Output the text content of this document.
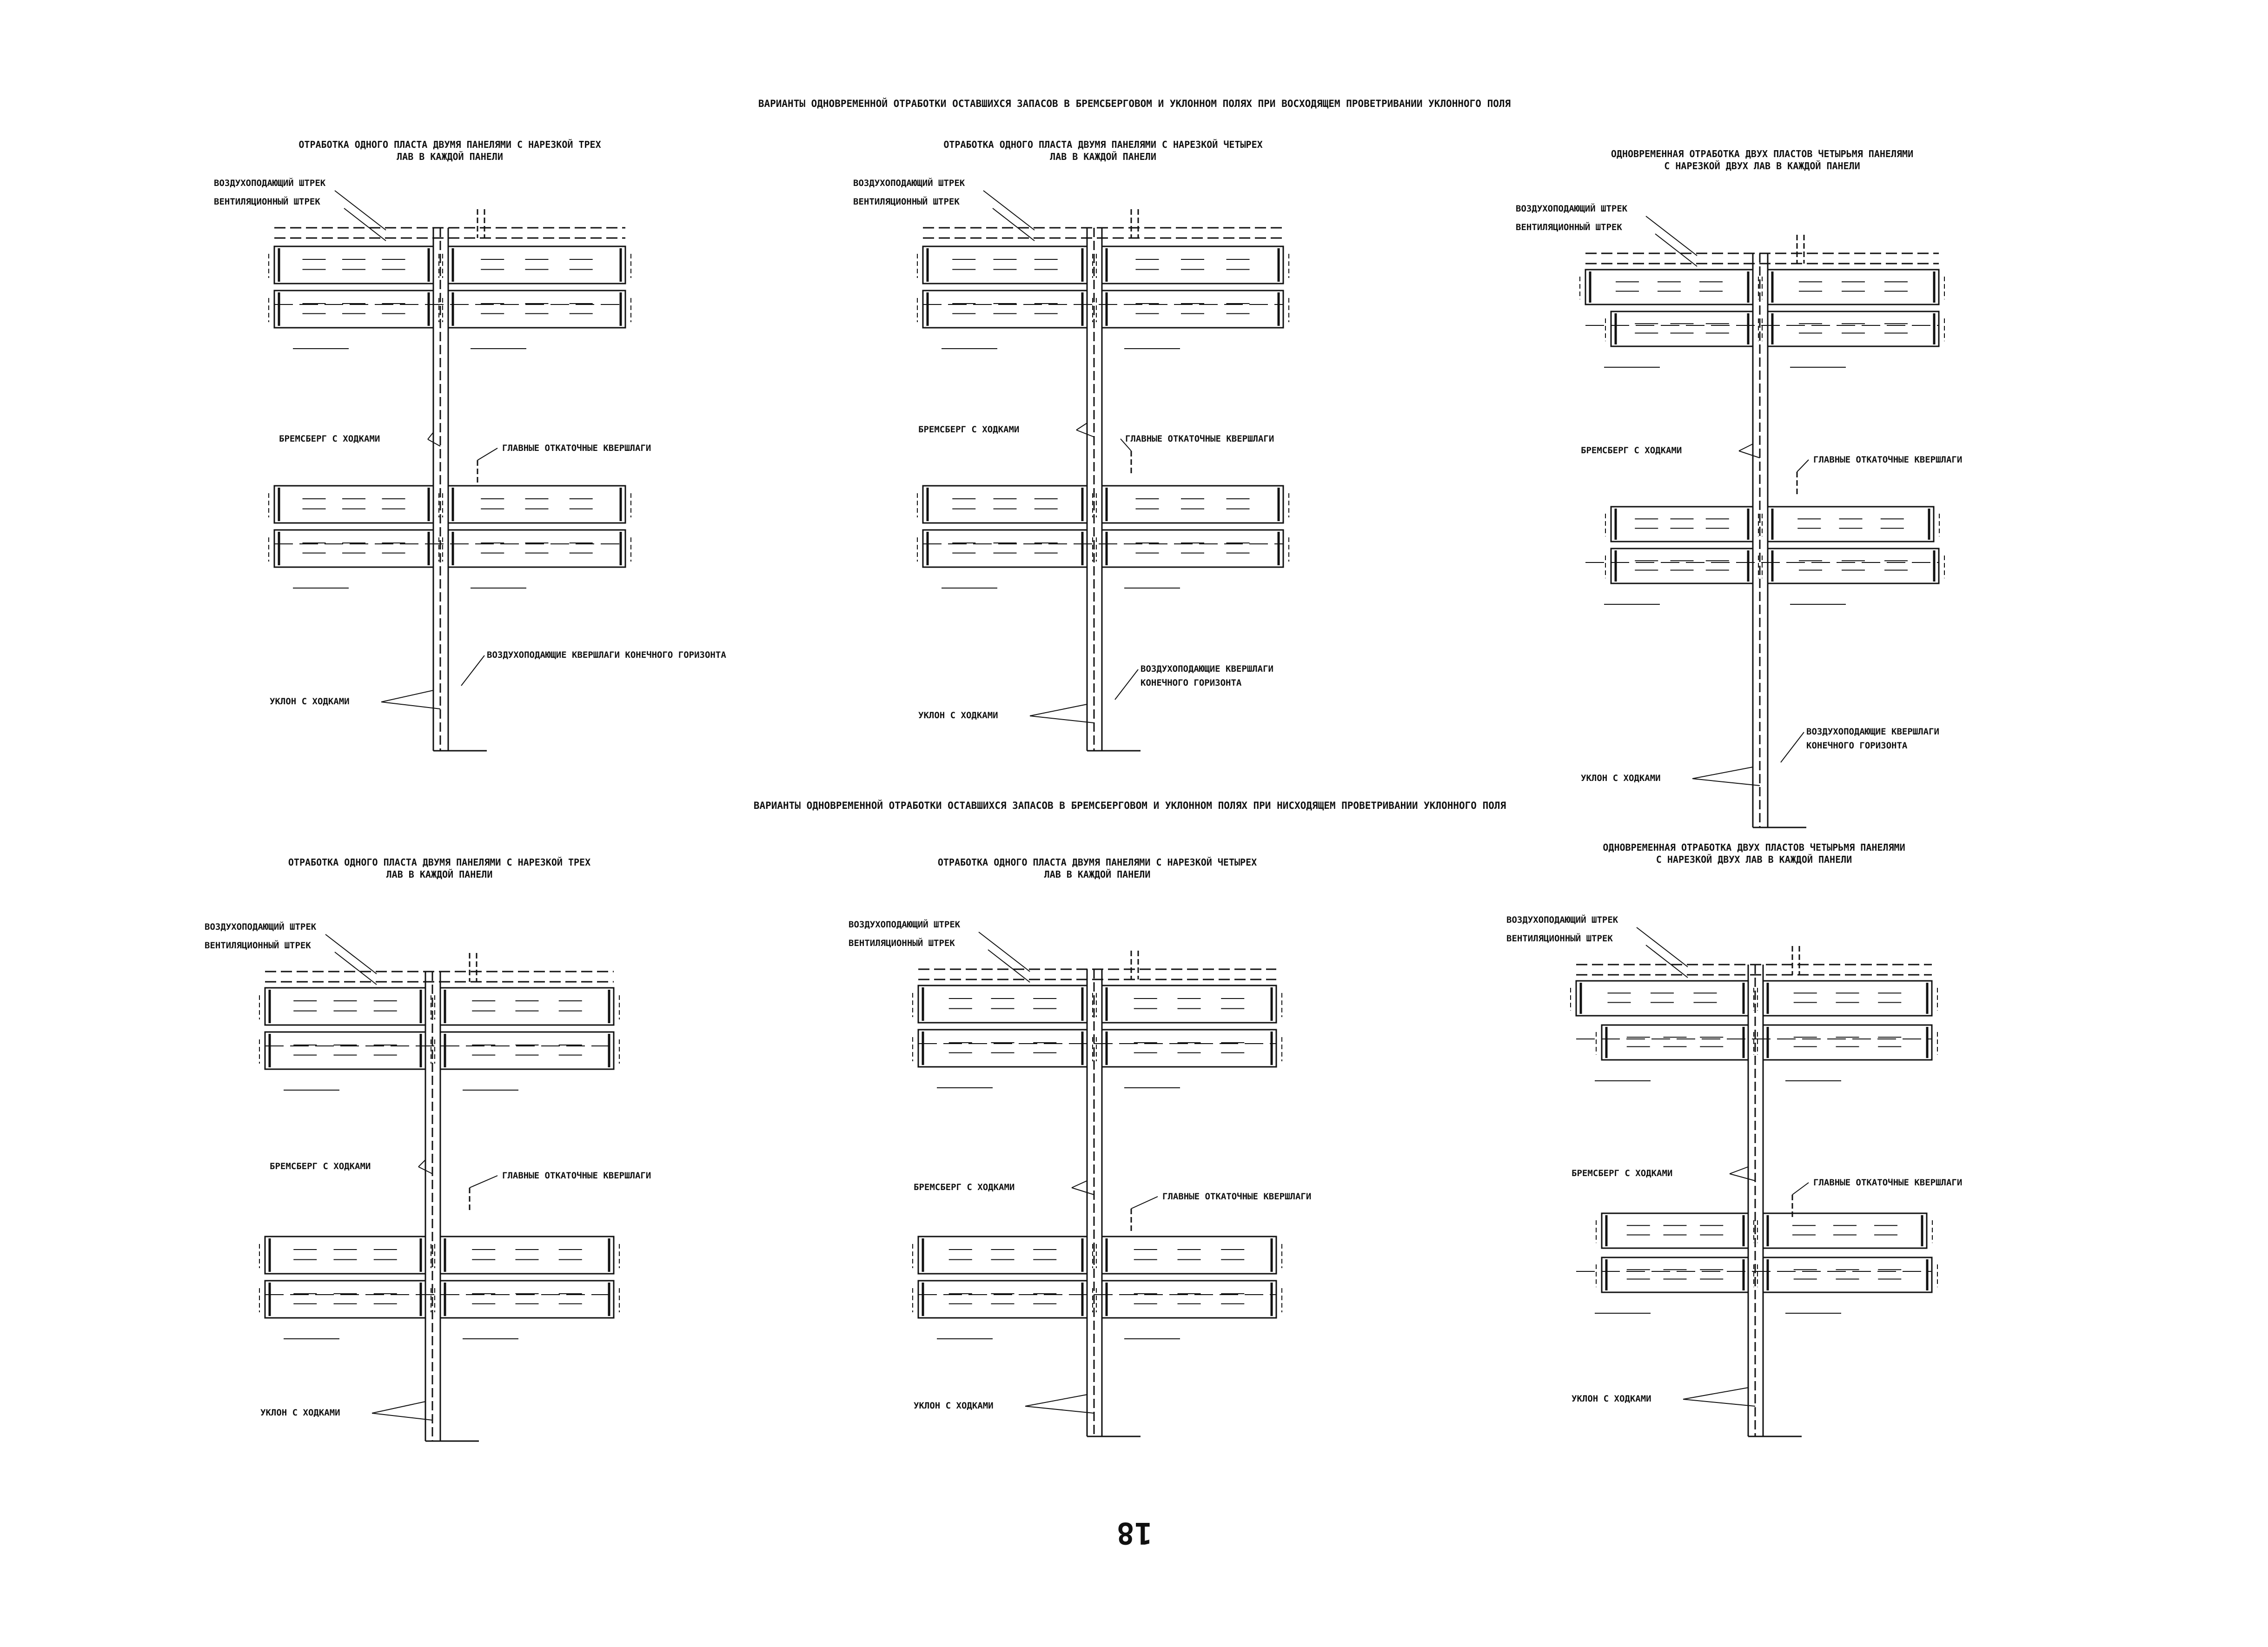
ВАРИАНТЫ ОДНОВРЕМЕННОЙ ОТРАБОТКИ ОСТАВШИХСЯ ЗАПАСОВ В БРЕМСБЕРГОВОМ И УКЛОННОМ ПОЛЯХ ПРИ ВОСХОДЯЩЕМ ПРОВЕТРИВАНИИ УКЛОННОГО ПОЛЯ
ВАРИАНТЫ ОДНОВРЕМЕННОЙ ОТРАБОТКИ ОСТАВШИХСЯ ЗАПАСОВ В БРЕМСБЕРГОВОМ И УКЛОННОМ ПОЛЯХ ПРИ НИСХОДЯЩЕМ ПРОВЕТРИВАНИИ УКЛОННОГО ПОЛЯ
18
ОТРАБОТКА ОДНОГО ПЛАСТА ДВУМЯ ПАНЕЛЯМИ С НАРЕЗКОЙ ТРЕХ
ЛАВ В КАЖДОЙ ПАНЕЛИ
ВОЗДУХОПОДАЮЩИЙ ШТРЕК
ВЕНТИЛЯЦИОННЫЙ ШТРЕК
БРЕМСБЕРГ С ХОДКАМИ
ГЛАВНЫЕ ОТКАТОЧНЫЕ КВЕРШЛАГИ
УКЛОН С ХОДКАМИ
ВОЗДУХОПОДАЮЩИЕ КВЕРШЛАГИ КОНЕЧНОГО ГОРИЗОНТА
ОТРАБОТКА ОДНОГО ПЛАСТА ДВУМЯ ПАНЕЛЯМИ С НАРЕЗКОЙ ЧЕТЫРЕХ
ЛАВ В КАЖДОЙ ПАНЕЛИ
ВОЗДУХОПОДАЮЩИЙ ШТРЕК
ВЕНТИЛЯЦИОННЫЙ ШТРЕК
БРЕМСБЕРГ С ХОДКАМИ
ГЛАВНЫЕ ОТКАТОЧНЫЕ КВЕРШЛАГИ
УКЛОН С ХОДКАМИ
ВОЗДУХОПОДАЮЩИЕ КВЕРШЛАГИ
КОНЕЧНОГО ГОРИЗОНТА
ОДНОВРЕМЕННАЯ ОТРАБОТКА ДВУХ ПЛАСТОВ ЧЕТЫРЬМЯ ПАНЕЛЯМИ
С НАРЕЗКОЙ ДВУХ ЛАВ В КАЖДОЙ ПАНЕЛИ
ВОЗДУХОПОДАЮЩИЙ ШТРЕК
ВЕНТИЛЯЦИОННЫЙ ШТРЕК
БРЕМСБЕРГ С ХОДКАМИ
ГЛАВНЫЕ ОТКАТОЧНЫЕ КВЕРШЛАГИ
УКЛОН С ХОДКАМИ
ВОЗДУХОПОДАЮЩИЕ КВЕРШЛАГИ
КОНЕЧНОГО ГОРИЗОНТА
ОТРАБОТКА ОДНОГО ПЛАСТА ДВУМЯ ПАНЕЛЯМИ С НАРЕЗКОЙ ТРЕХ
ЛАВ В КАЖДОЙ ПАНЕЛИ
ВОЗДУХОПОДАЮЩИЙ ШТРЕК
ВЕНТИЛЯЦИОННЫЙ ШТРЕК
БРЕМСБЕРГ С ХОДКАМИ
ГЛАВНЫЕ ОТКАТОЧНЫЕ КВЕРШЛАГИ
УКЛОН С ХОДКАМИ
ОТРАБОТКА ОДНОГО ПЛАСТА ДВУМЯ ПАНЕЛЯМИ С НАРЕЗКОЙ ЧЕТЫРЕХ
ЛАВ В КАЖДОЙ ПАНЕЛИ
ВОЗДУХОПОДАЮЩИЙ ШТРЕК
ВЕНТИЛЯЦИОННЫЙ ШТРЕК
БРЕМСБЕРГ С ХОДКАМИ
ГЛАВНЫЕ ОТКАТОЧНЫЕ КВЕРШЛАГИ
УКЛОН С ХОДКАМИ
ОДНОВРЕМЕННАЯ ОТРАБОТКА ДВУХ ПЛАСТОВ ЧЕТЫРЬМЯ ПАНЕЛЯМИ
С НАРЕЗКОЙ ДВУХ ЛАВ В КАЖДОЙ ПАНЕЛИ
ВОЗДУХОПОДАЮЩИЙ ШТРЕК
ВЕНТИЛЯЦИОННЫЙ ШТРЕК
БРЕМСБЕРГ С ХОДКАМИ
ГЛАВНЫЕ ОТКАТОЧНЫЕ КВЕРШЛАГИ
УКЛОН С ХОДКАМИ
